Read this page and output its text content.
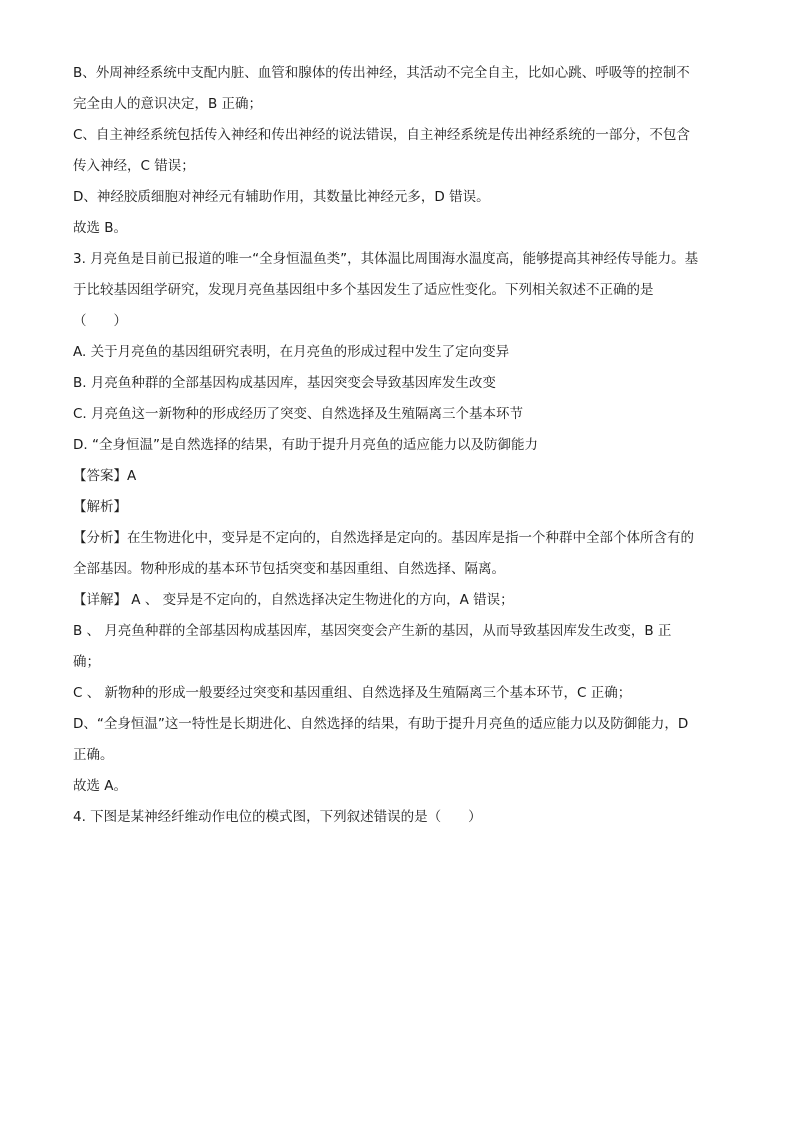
B、外周神经系统中支配内脏、血管和腺体的传出神经，其活动不完全自主，比如心跳、呼吸等的控制不
完全由人的意识决定，B 正确；
C、自主神经系统包括传入神经和传出神经的说法错误，自主神经系统是传出神经系统的一部分，不包含
传入神经，C 错误；
D、神经胶质细胞对神经元有辅助作用，其数量比神经元多，D 错误。
故选 B。
3. 月亮鱼是目前已报道的唯一“全身恒温鱼类”，其体温比周围海水温度高，能够提高其神经传导能力。基
于比较基因组学研究，发现月亮鱼基因组中多个基因发生了适应性变化。下列相关叙述不正确的是
（　　）
A. 关于月亮鱼的基因组研究表明，在月亮鱼的形成过程中发生了定向变异
B. 月亮鱼种群的全部基因构成基因库，基因突变会导致基因库发生改变
C. 月亮鱼这一新物种的形成经历了突变、自然选择及生殖隔离三个基本环节
D. “全身恒温”是自然选择的结果，有助于提升月亮鱼的适应能力以及防御能力
【答案】A
【解析】
【分析】在生物进化中，变异是不定向的，自然选择是定向的。基因库是指一个种群中全部个体所含有的
全部基因。物种形成的基本环节包括突变和基因重组、自然选择、隔离。
【详解】 A 、 变异是不定向的，自然选择决定生物进化的方向，A 错误；
B 、 月亮鱼种群的全部基因构成基因库，基因突变会产生新的基因，从而导致基因库发生改变，B 正
确；
C 、 新物种的形成一般要经过突变和基因重组、自然选择及生殖隔离三个基本环节，C 正确；
D、“全身恒温”这一特性是长期进化、自然选择的结果，有助于提升月亮鱼的适应能力以及防御能力，D
正确。
故选 A。
4. 下图是某神经纤维动作电位的模式图，下列叙述错误的是（　　）
